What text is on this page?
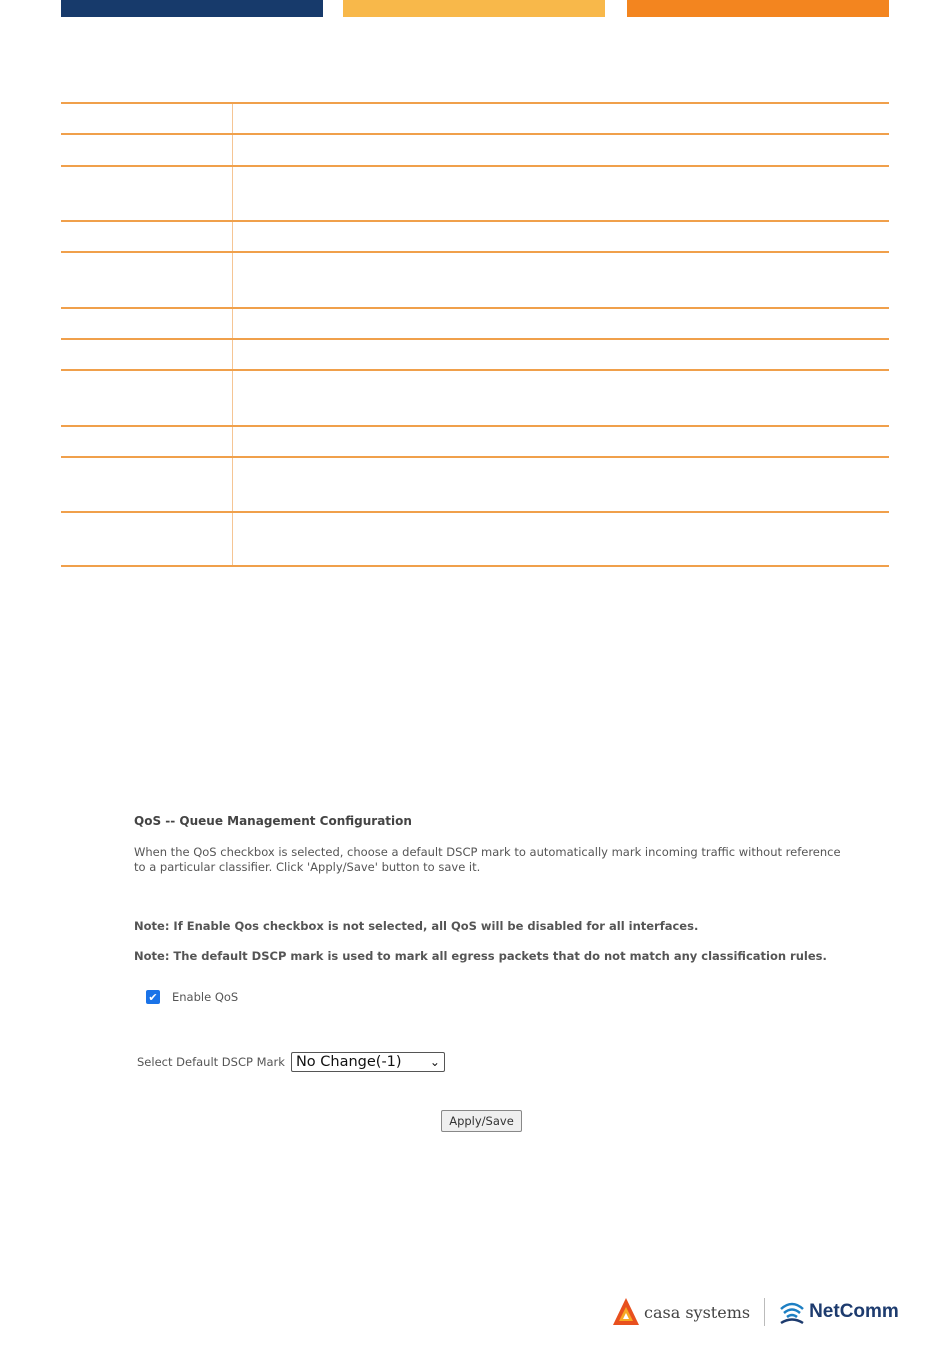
QoS -- Queue Management Configuration
When the QoS checkbox is selected, choose a default DSCP mark to automatically mark incoming traffic without reference
to a particular classifier. Click 'Apply/Save' button to save it.
Note: If Enable Qos checkbox is not selected, all QoS will be disabled for all interfaces.
Note: The default DSCP mark is used to mark all egress packets that do not match any classification rules.
✔ Enable QoS
Select Default DSCP Mark No Change(-1) ⌄
Apply/Save
casa systems	NetComm
